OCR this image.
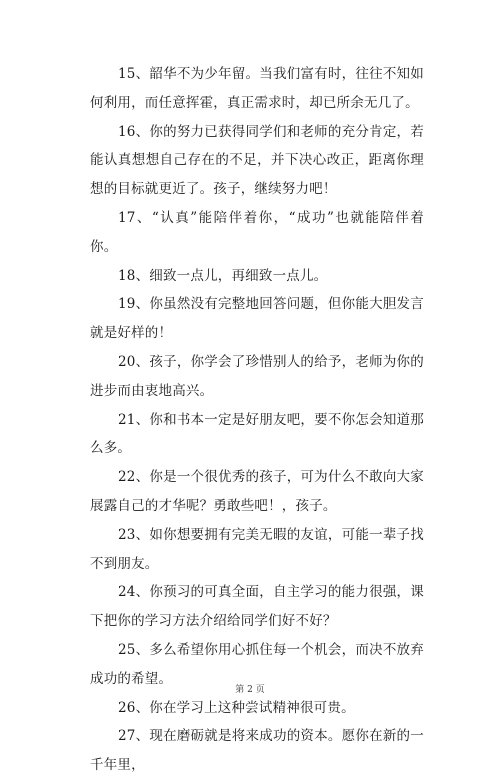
15、韶华不为少年留。当我们富有时，往往不知如何利用，而任意挥霍，真正需求时，却已所余无几了。

16、你的努力已获得同学们和老师的充分肯定，若能认真想想自己存在的不足，并下决心改正，距离你理想的目标就更近了。孩子，继续努力吧！

17、“认真”能陪伴着你，“成功”也就能陪伴着你。

18、细致一点儿，再细致一点儿。

19、你虽然没有完整地回答问题，但你能大胆发言就是好样的！

20、孩子，你学会了珍惜别人的给予，老师为你的进步而由衷地高兴。

21、你和书本一定是好朋友吧，要不你怎会知道那么多。

22、你是一个很优秀的孩子，可为什么不敢向大家展露自己的才华呢？勇敢些吧！，孩子。

23、如你想要拥有完美无暇的友谊，可能一辈子找不到朋友。

24、你预习的可真全面，自主学习的能力很强，课下把你的学习方法介绍给同学们好不好？

25、多么希望你用心抓住每一个机会，而决不放弃成功的希望。

26、你在学习上这种尝试精神很可贵。

27、现在磨砺就是将来成功的资本。愿你在新的一千年里，

第 2 页
